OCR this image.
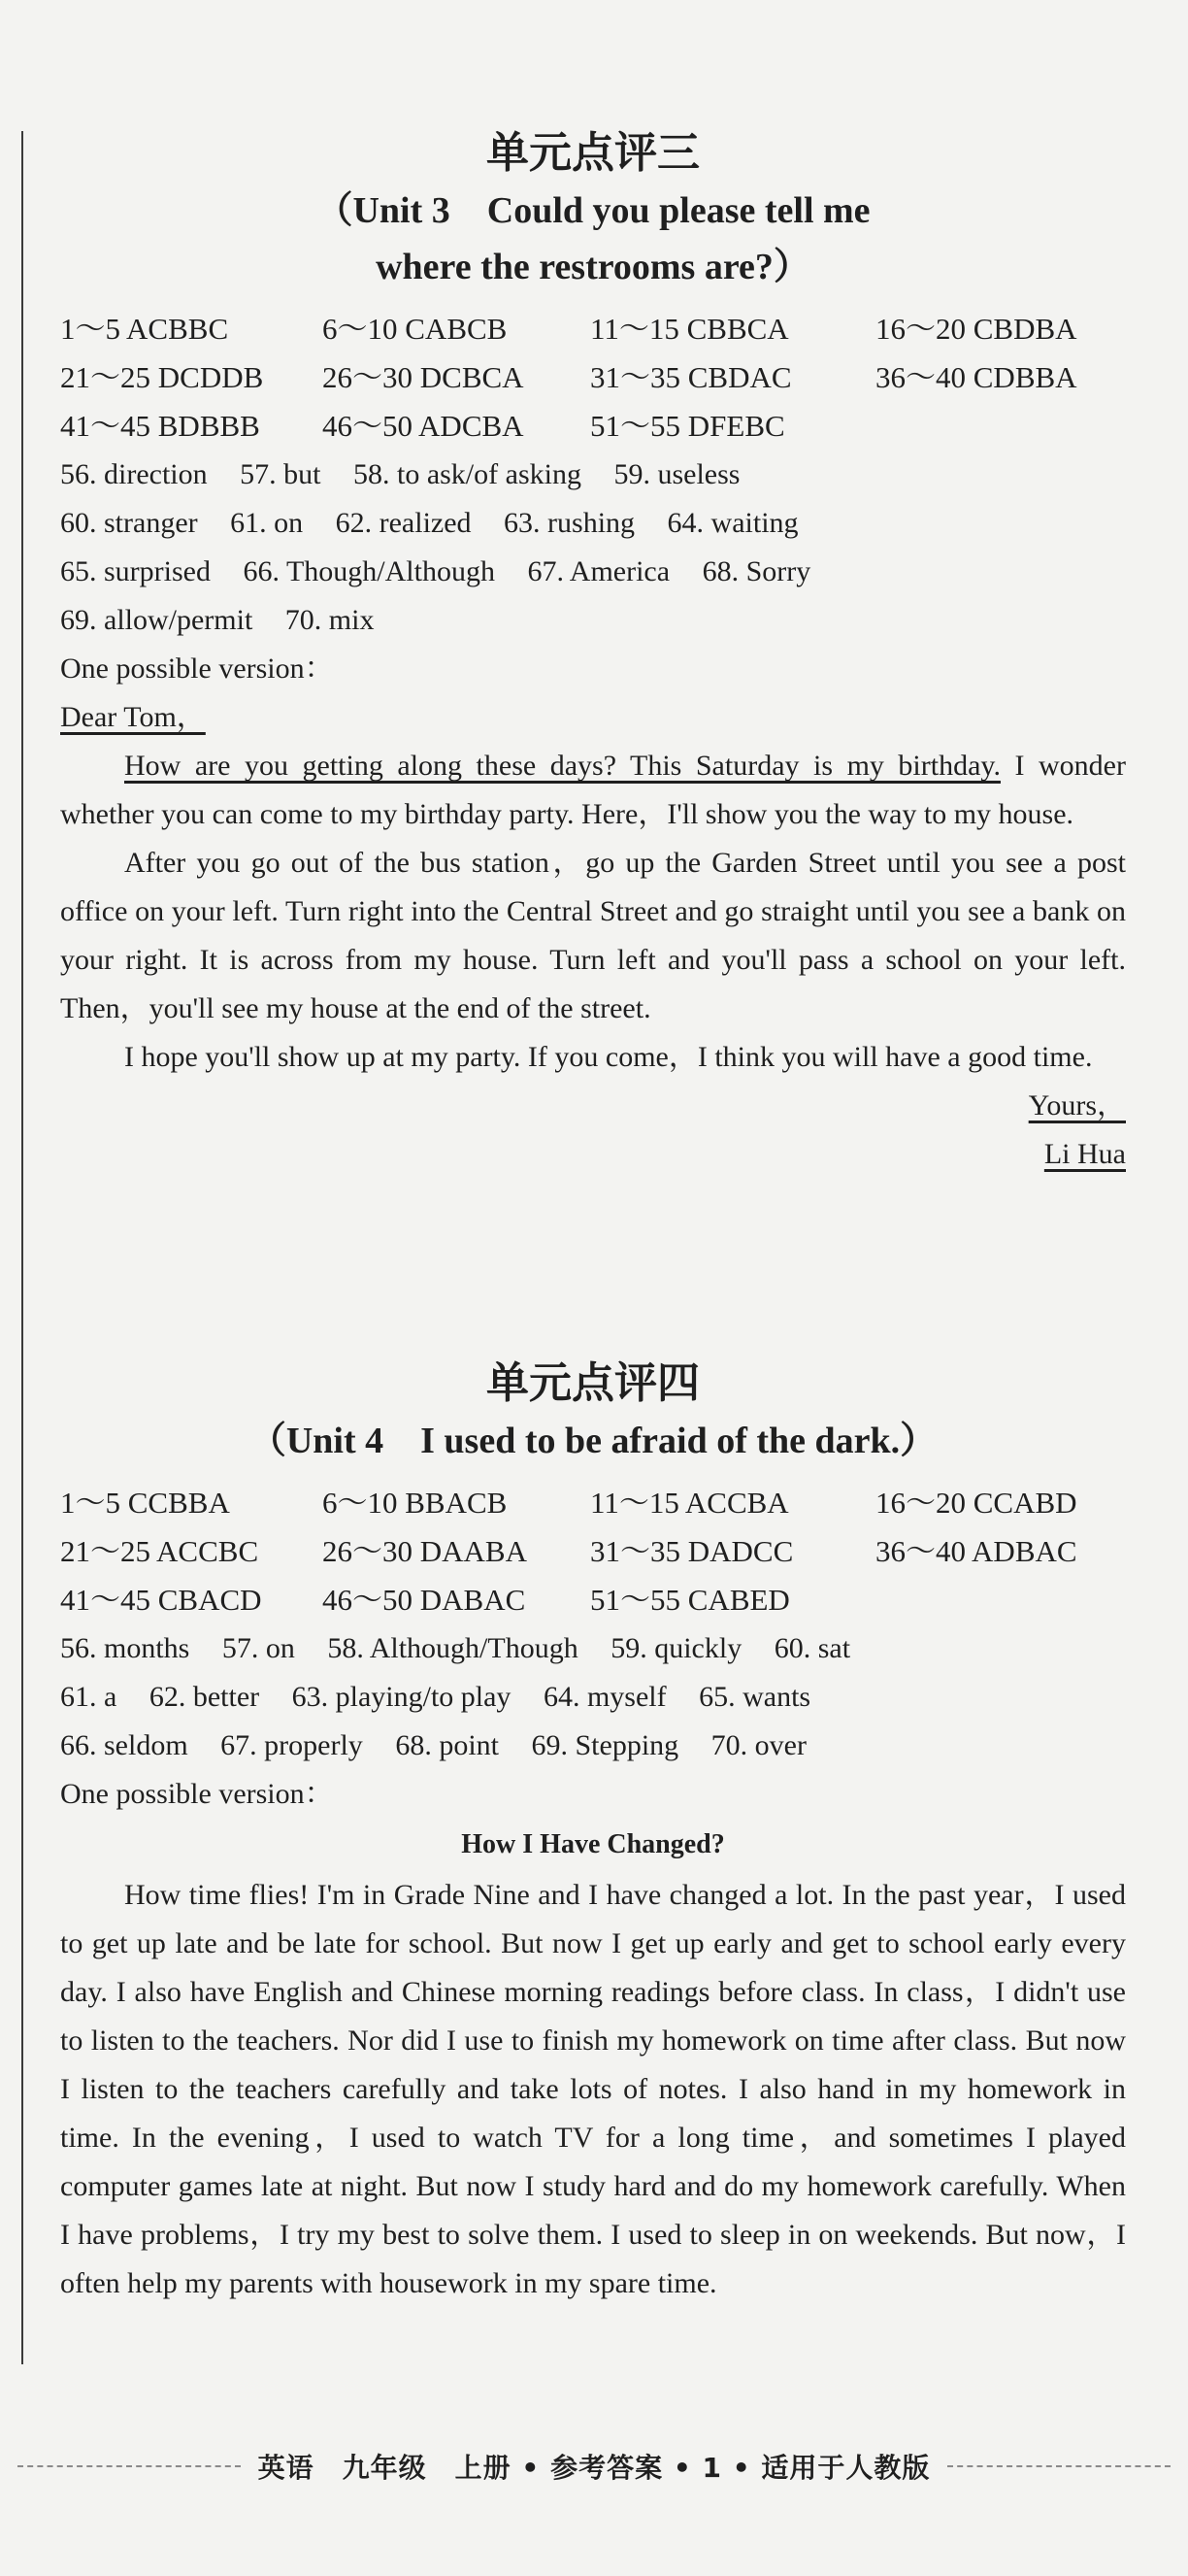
单元点评三
（Unit 3　Could you please tell me
where the restrooms are?）
1～5 ACBBC	6～10 CABCB	11～15 CBBCA	16～20 CBDBA
21～25 DCDDB	26～30 DCBCA	31～35 CBDAC	36～40 CDBBA
41～45 BDBBB	46～50 ADCBA	51～55 DFEBC
56. direction 57. but 58. to ask/of asking 59. useless
60. stranger 61. on 62. realized 63. rushing 64. waiting
65. surprised 66. Though/Although 67. America 68. Sorry
69. allow/permit 70. mix
One possible version：

Dear Tom，

How are you getting along these days? This Saturday is my birthday. I wonder whether you can come to my birthday party. Here，I'll show you the way to my house.

After you go out of the bus station，go up the Garden Street until you see a post office on your left. Turn right into the Central Street and go straight until you see a bank on your right. It is across from my house. Turn left and you'll pass a school on your left. Then，you'll see my house at the end of the street.

I hope you'll show up at my party. If you come，I think you will have a good time.

Yours，
Li Hua
单元点评四
（Unit 4　I used to be afraid of the dark.）
1～5 CCBBA	6～10 BBACB	11～15 ACCBA	16～20 CCABD
21～25 ACCBC	26～30 DAABA	31～35 DADCC	36～40 ADBAC
41～45 CBACD	46～50 DABAC	51～55 CABED
56. months 57. on 58. Although/Though 59. quickly 60. sat
61. a 62. better 63. playing/to play 64. myself 65. wants
66. seldom 67. properly 68. point 69. Stepping 70. over
One possible version：
How I Have Changed?

How time flies! I'm in Grade Nine and I have changed a lot. In the past year，I used to get up late and be late for school. But now I get up early and get to school early every day. I also have English and Chinese morning readings before class. In class，I didn't use to listen to the teachers. Nor did I use to finish my homework on time after class. But now I listen to the teachers carefully and take lots of notes. I also hand in my homework in time. In the evening，I used to watch TV for a long time，and sometimes I played computer games late at night. But now I study hard and do my homework carefully. When I have problems，I try my best to solve them. I used to sleep in on weekends. But now，I often help my parents with housework in my spare time.

英语　九年级　上册 • 参考答案 • 1 • 适用于人教版
